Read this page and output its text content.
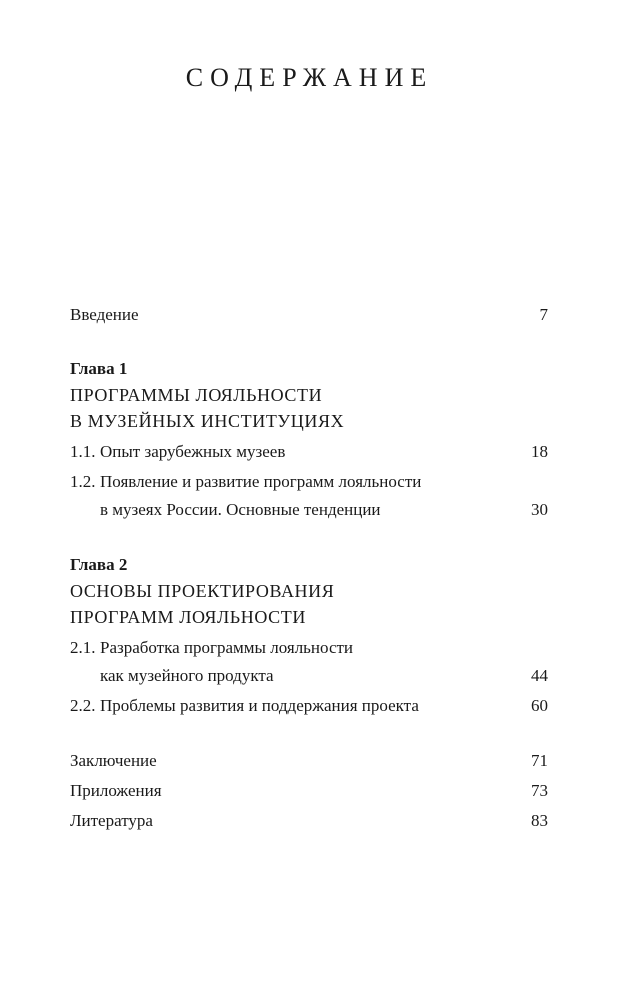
СОДЕРЖАНИЕ
Введение	7
Глава 1
ПРОГРАММЫ ЛОЯЛЬНОСТИ
В МУЗЕЙНЫХ ИНСТИТУЦИЯХ
1.1. Опыт зарубежных музеев	18
1.2. Появление и развитие программ лояльности
в музеях России. Основные тенденции	30
Глава 2
ОСНОВЫ ПРОЕКТИРОВАНИЯ
ПРОГРАММ ЛОЯЛЬНОСТИ
2.1. Разработка программы лояльности
как музейного продукта	44
2.2. Проблемы развития и поддержания проекта	60
Заключение	71
Приложения	73
Литература	83
